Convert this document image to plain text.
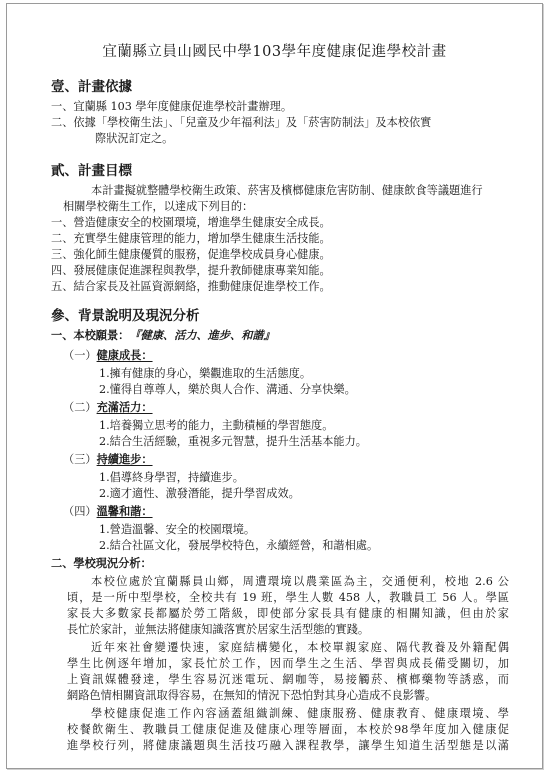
宜蘭縣立員山國民中學103學年度健康促進學校計畫
壹、計畫依據
一、宜蘭縣 103 學年度健康促進學校計畫辦理。
二、依據「學校衛生法」、「兒童及少年福利法」及「菸害防制法」及本校依實
際狀況訂定之。
貳、計畫目標
本計畫擬就整體學校衛生政策、菸害及檳榔健康危害防制、健康飲食等議題進行
相關學校衛生工作，以達成下列目的：
一、營造健康安全的校園環境，增進學生健康安全成長。
二、充實學生健康管理的能力，增加學生健康生活技能。
三、強化師生健康優質的服務，促進學校成員身心健康。
四、發展健康促進課程與教學，提升教師健康專業知能。
五、結合家長及社區資源網絡，推動健康促進學校工作。
參、背景說明及現況分析
一、本校願景：『健康、活力、進步、和諧』
（一）健康成長：
1.擁有健康的身心，樂觀進取的生活態度。
2.懂得自尊尊人，樂於與人合作、溝通、分享快樂。
（二）充滿活力：
1.培養獨立思考的能力，主動積極的學習態度。
2.結合生活經驗，重視多元智慧，提升生活基本能力。
（三）持續進步：
1.倡導終身學習，持續進步。
2.適才適性、激發潛能，提升學習成效。
（四）溫馨和諧：
1.營造溫馨、安全的校園環境。
2.結合社區文化，發展學校特色，永續經營，和諧相處。
二、學校現況分析：
本校位處於宜蘭縣員山鄉，周遭環境以農業區為主，交通便利，校地 2.6 公
頃，是一所中型學校，全校共有 19 班，學生人數 458 人，教職員工 56 人。學區
家長大多數家長都屬於勞工階級，即使部分家長具有健康的相關知識，但由於家
長忙於家計，並無法將健康知識落實於居家生活型態的實踐。
近年來社會變遷快速，家庭結構變化，本校單親家庭、隔代教養及外籍配偶
學生比例逐年增加，家長忙於工作，因而學生之生活、學習與成長備受關切，加
上資訊媒體發達，學生容易沉迷電玩、網咖等，易接觸菸、檳榔藥物等誘惑，而
網路色情相關資訊取得容易，在無知的情況下恐怕對其身心造成不良影響。
學校健康促進工作內容涵蓋組織訓練、健康服務、健康教育、健康環境、學
校餐飲衛生、教職員工健康促進及健康心理等層面，本校於98學年度加入健康促
進學校行列，將健康議題與生活技巧融入課程教學，讓學生知道生活型態是以滿
